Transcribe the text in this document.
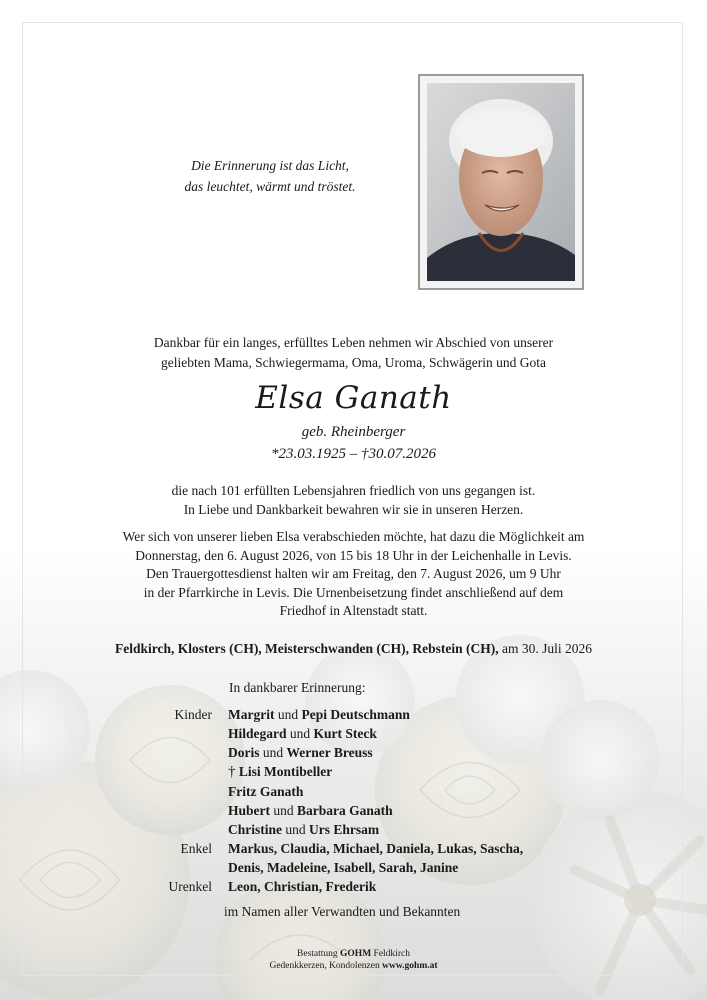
Die Erinnerung ist das Licht,
das leuchtet, wärmt und tröstet.
Dankbar für ein langes, erfülltes Leben nehmen wir Abschied von unserer
geliebten Mama, Schwiegermama, Oma, Uroma, Schwägerin und Gota
Elsa Ganath
geb. Rheinberger
*23.03.1925 – †30.07.2026
die nach 101 erfüllten Lebensjahren friedlich von uns gegangen ist.
In Liebe und Dankbarkeit bewahren wir sie in unseren Herzen.
Wer sich von unserer lieben Elsa verabschieden möchte, hat dazu die Möglichkeit am
Donnerstag, den 6. August 2026, von 15 bis 18 Uhr in der Leichenhalle in Levis.
Den Trauergottesdienst halten wir am Freitag, den 7. August 2026, um 9 Uhr
in der Pfarrkirche in Levis. Die Urnenbeisetzung findet anschließend auf dem
Friedhof in Altenstadt statt.
Feldkirch, Klosters (CH), Meisterschwanden (CH), Rebstein (CH), am 30. Juli 2026
In dankbarer Erinnerung:
Kinder	Margrit und Pepi Deutschmann
Hildegard und Kurt Steck
Doris und Werner Breuss
† Lisi Montibeller
Fritz Ganath
Hubert und Barbara Ganath
Christine und Urs Ehrsam
Enkel	Markus, Claudia, Michael, Daniela, Lukas, Sascha,
Denis, Madeleine, Isabell, Sarah, Janine
Urenkel	Leon, Christian, Frederik
im Namen aller Verwandten und Bekannten
Bestattung GOHM Feldkirch
Gedenkkerzen, Kondolenzen www.gohm.at
